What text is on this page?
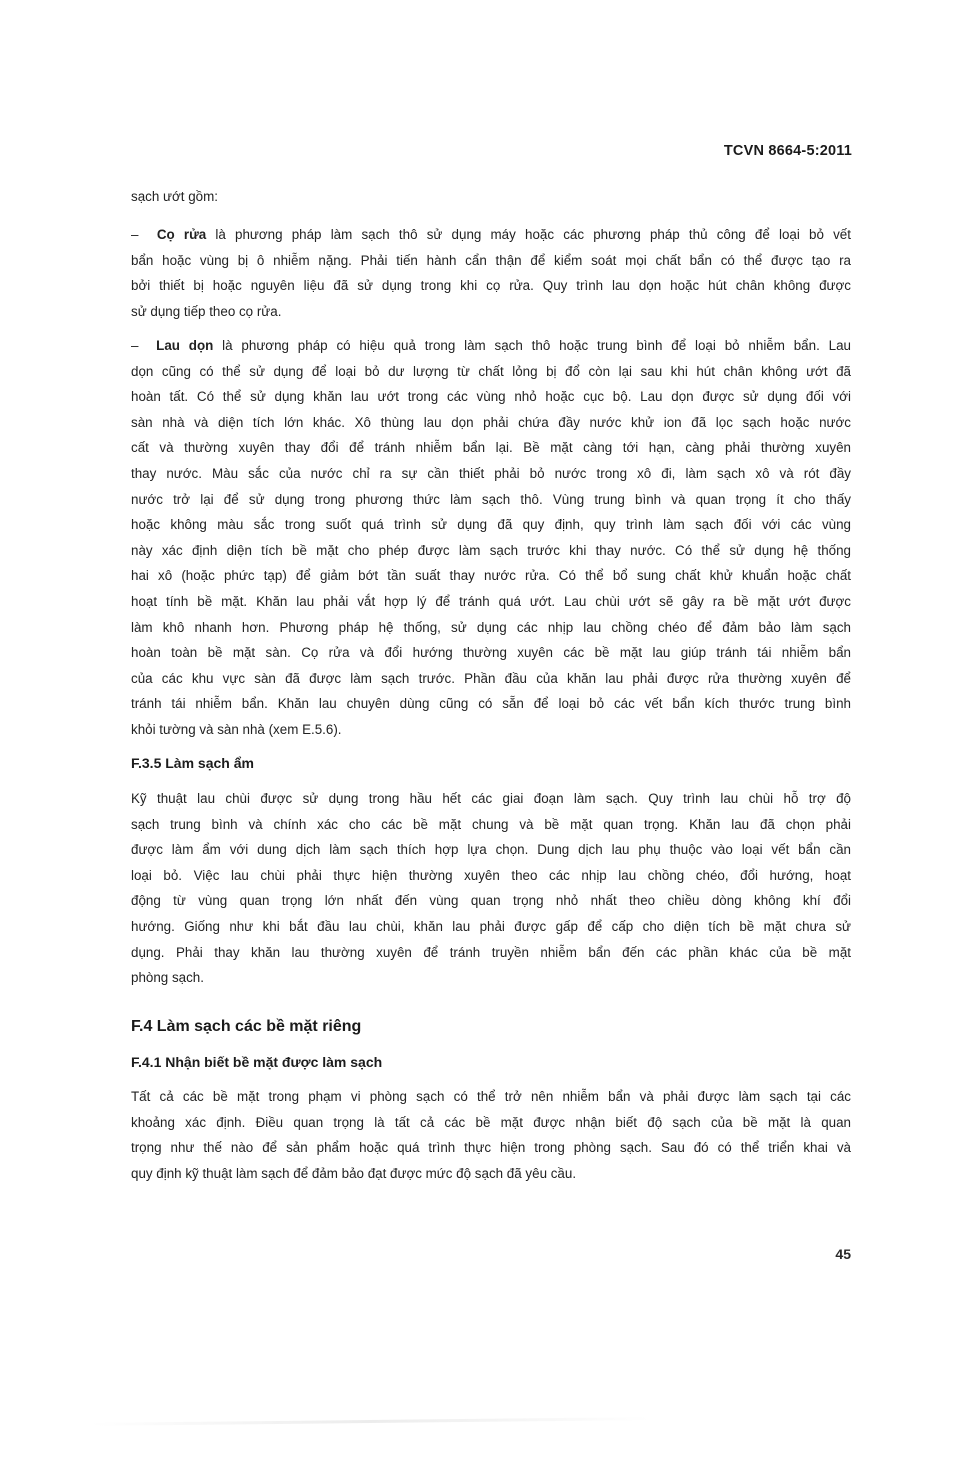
TCVN 8664-5:2011
sạch ướt gồm:
– Cọ rửa là phương pháp làm sạch thô sử dụng máy hoặc các phương pháp thủ công để loại bỏ vết
bẩn hoặc vùng bị ô nhiễm nặng. Phải tiến hành cẩn thận để kiểm soát mọi chất bẩn có thể được tạo ra
bởi thiết bị hoặc nguyên liệu đã sử dụng trong khi cọ rửa. Quy trình lau dọn hoặc hút chân không được
sử dụng tiếp theo cọ rửa.
– Lau dọn là phương pháp có hiệu quả trong làm sạch thô hoặc trung bình để loại bỏ nhiễm bẩn. Lau
dọn cũng có thể sử dụng để loại bỏ dư lượng từ chất lỏng bị đổ còn lại sau khi hút chân không ướt đã
hoàn tất. Có thể sử dụng khăn lau ướt trong các vùng nhỏ hoặc cục bộ. Lau dọn được sử dụng đối với
sàn nhà và diện tích lớn khác. Xô thùng lau dọn phải chứa đầy nước khử ion đã lọc sạch hoặc nước
cất và thường xuyên thay đổi để tránh nhiễm bẩn lại. Bề mặt càng tới hạn, càng phải thường xuyên
thay nước. Màu sắc của nước chỉ ra sự cần thiết phải bỏ nước trong xô đi, làm sạch xô và rót đầy
nước trở lại để sử dụng trong phương thức làm sạch thô. Vùng trung bình và quan trọng ít cho thấy
hoặc không màu sắc trong suốt quá trình sử dụng đã quy định, quy trình làm sạch đối với các vùng
này xác định diện tích bề mặt cho phép được làm sạch trước khi thay nước. Có thể sử dụng hệ thống
hai xô (hoặc phức tạp) để giảm bớt tần suất thay nước rửa. Có thể bổ sung chất khử khuẩn hoặc chất
hoạt tính bề mặt. Khăn lau phải vắt hợp lý để tránh quá ướt. Lau chùi ướt sẽ gây ra bề mặt ướt được
làm khô nhanh hơn. Phương pháp hệ thống, sử dụng các nhịp lau chồng chéo để đảm bảo làm sạch
hoàn toàn bề mặt sàn. Cọ rửa và đổi hướng thường xuyên các bề mặt lau giúp tránh tái nhiễm bẩn
của các khu vực sàn đã được làm sạch trước. Phần đầu của khăn lau phải được rửa thường xuyên để
tránh tái nhiễm bẩn. Khăn lau chuyên dùng cũng có sẵn để loại bỏ các vết bẩn kích thước trung bình
khỏi tường và sàn nhà (xem E.5.6).
F.3.5 Làm sạch ẩm
Kỹ thuật lau chùi được sử dụng trong hầu hết các giai đoạn làm sạch. Quy trình lau chùi hỗ trợ độ
sạch trung bình và chính xác cho các bề mặt chung và bề mặt quan trọng. Khăn lau đã chọn phải
được làm ẩm với dung dịch làm sạch thích hợp lựa chọn. Dung dịch lau phụ thuộc vào loại vết bẩn cần
loại bỏ. Việc lau chùi phải thực hiện thường xuyên theo các nhịp lau chồng chéo, đổi hướng, hoạt
động từ vùng quan trọng lớn nhất đến vùng quan trọng nhỏ nhất theo chiều dòng không khí đổi
hướng. Giống như khi bắt đầu lau chùi, khăn lau phải được gấp để cấp cho diện tích bề mặt chưa sử
dụng. Phải thay khăn lau thường xuyên để tránh truyền nhiễm bẩn đến các phần khác của bề mặt
phòng sạch.
F.4 Làm sạch các bề mặt riêng
F.4.1 Nhận biết bề mặt được làm sạch
Tất cả các bề mặt trong phạm vi phòng sạch có thể trở nên nhiễm bẩn và phải được làm sạch tại các
khoảng xác định. Điều quan trọng là tất cả các bề mặt được nhận biết độ sạch của bề mặt là quan
trọng như thế nào để sản phẩm hoặc quá trình thực hiện trong phòng sạch. Sau đó có thể triển khai và
quy định kỹ thuật làm sạch để đảm bảo đạt được mức độ sạch đã yêu cầu.
45
